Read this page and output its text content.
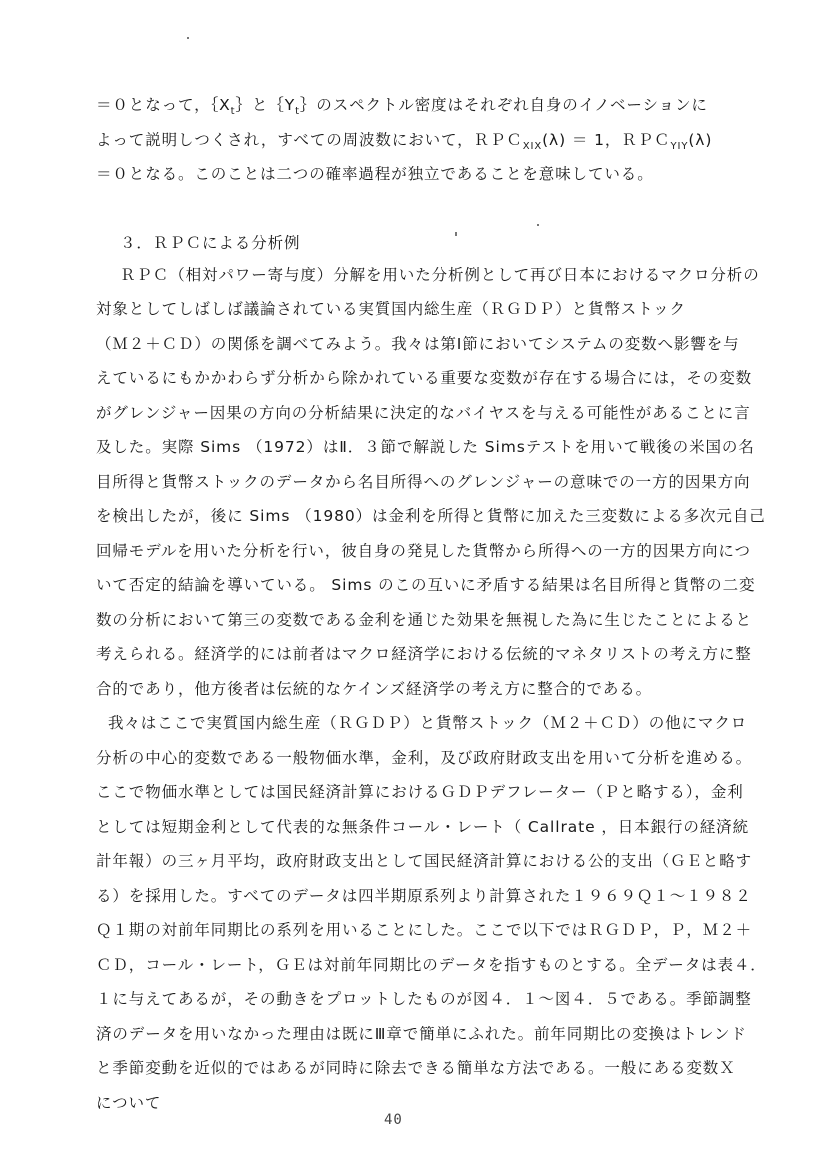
＝０となって，$\{X_t\}$と$\{Y_t\}$のスペクトル密度はそれぞれ自身のイノベーションに
よって説明しつくされ，すべての周波数において，ＲＰＣ$_{XIX}$(λ) ＝ 1，ＲＰＣ$_{YIY}$(λ)
＝０となる。このことは二つの確率過程が独立であることを意味している。
３．ＲＰＣによる分析例
ＲＰＣ（相対パワー寄与度）分解を用いた分析例として再び日本におけるマクロ分析の
対象としてしばしば議論されている実質国内総生産（ＲＧＤＰ）と貨幣ストック
（Ｍ２＋ＣＤ）の関係を調べてみよう。我々は第Ⅰ節においてシステムの変数へ影響を与
えているにもかかわらず分析から除かれている重要な変数が存在する場合には，その変数
がグレンジャー因果の方向の分析結果に決定的なバイヤスを与える可能性があることに言
及した。実際 Sims （1972）はⅡ．３節で解説した Simsテストを用いて戦後の米国の名
目所得と貨幣ストックのデータから名目所得へのグレンジャーの意味での一方的因果方向
を検出したが，後に Sims （1980）は金利を所得と貨幣に加えた三変数による多次元自己
回帰モデルを用いた分析を行い，彼自身の発見した貨幣から所得への一方的因果方向につ
いて否定的結論を導いている。 Sims のこの互いに矛盾する結果は名目所得と貨幣の二変
数の分析において第三の変数である金利を通じた効果を無視した為に生じたことによると
考えられる。経済学的には前者はマクロ経済学における伝統的マネタリストの考え方に整
合的であり，他方後者は伝統的なケインズ経済学の考え方に整合的である。
我々はここで実質国内総生産（ＲＧＤＰ）と貨幣ストック（Ｍ２＋ＣＤ）の他にマクロ
分析の中心的変数である一般物価水準，金利，及び政府財政支出を用いて分析を進める。
ここで物価水準としては国民経済計算におけるＧＤＰデフレーター（Ｐと略する），金利
としては短期金利として代表的な無条件コール・レート（ Callrate ，日本銀行の経済統
計年報）の三ヶ月平均，政府財政支出として国民経済計算における公的支出（ＧＥと略す
る）を採用した。すべてのデータは四半期原系列より計算された１９６９Ｑ１～１９８２
Ｑ１期の対前年同期比の系列を用いることにした。ここで以下ではＲＧＤＰ，Ｐ，Ｍ２＋
ＣＤ，コール・レート，ＧＥは対前年同期比のデータを指すものとする。全データは表４．
１に与えてあるが，その動きをプロットしたものが図４．１～図４．５である。季節調整
済のデータを用いなかった理由は既にⅢ章で簡単にふれた。前年同期比の変換はトレンド
と季節変動を近似的ではあるが同時に除去できる簡単な方法である。一般にある変数Ｘ
について
40
